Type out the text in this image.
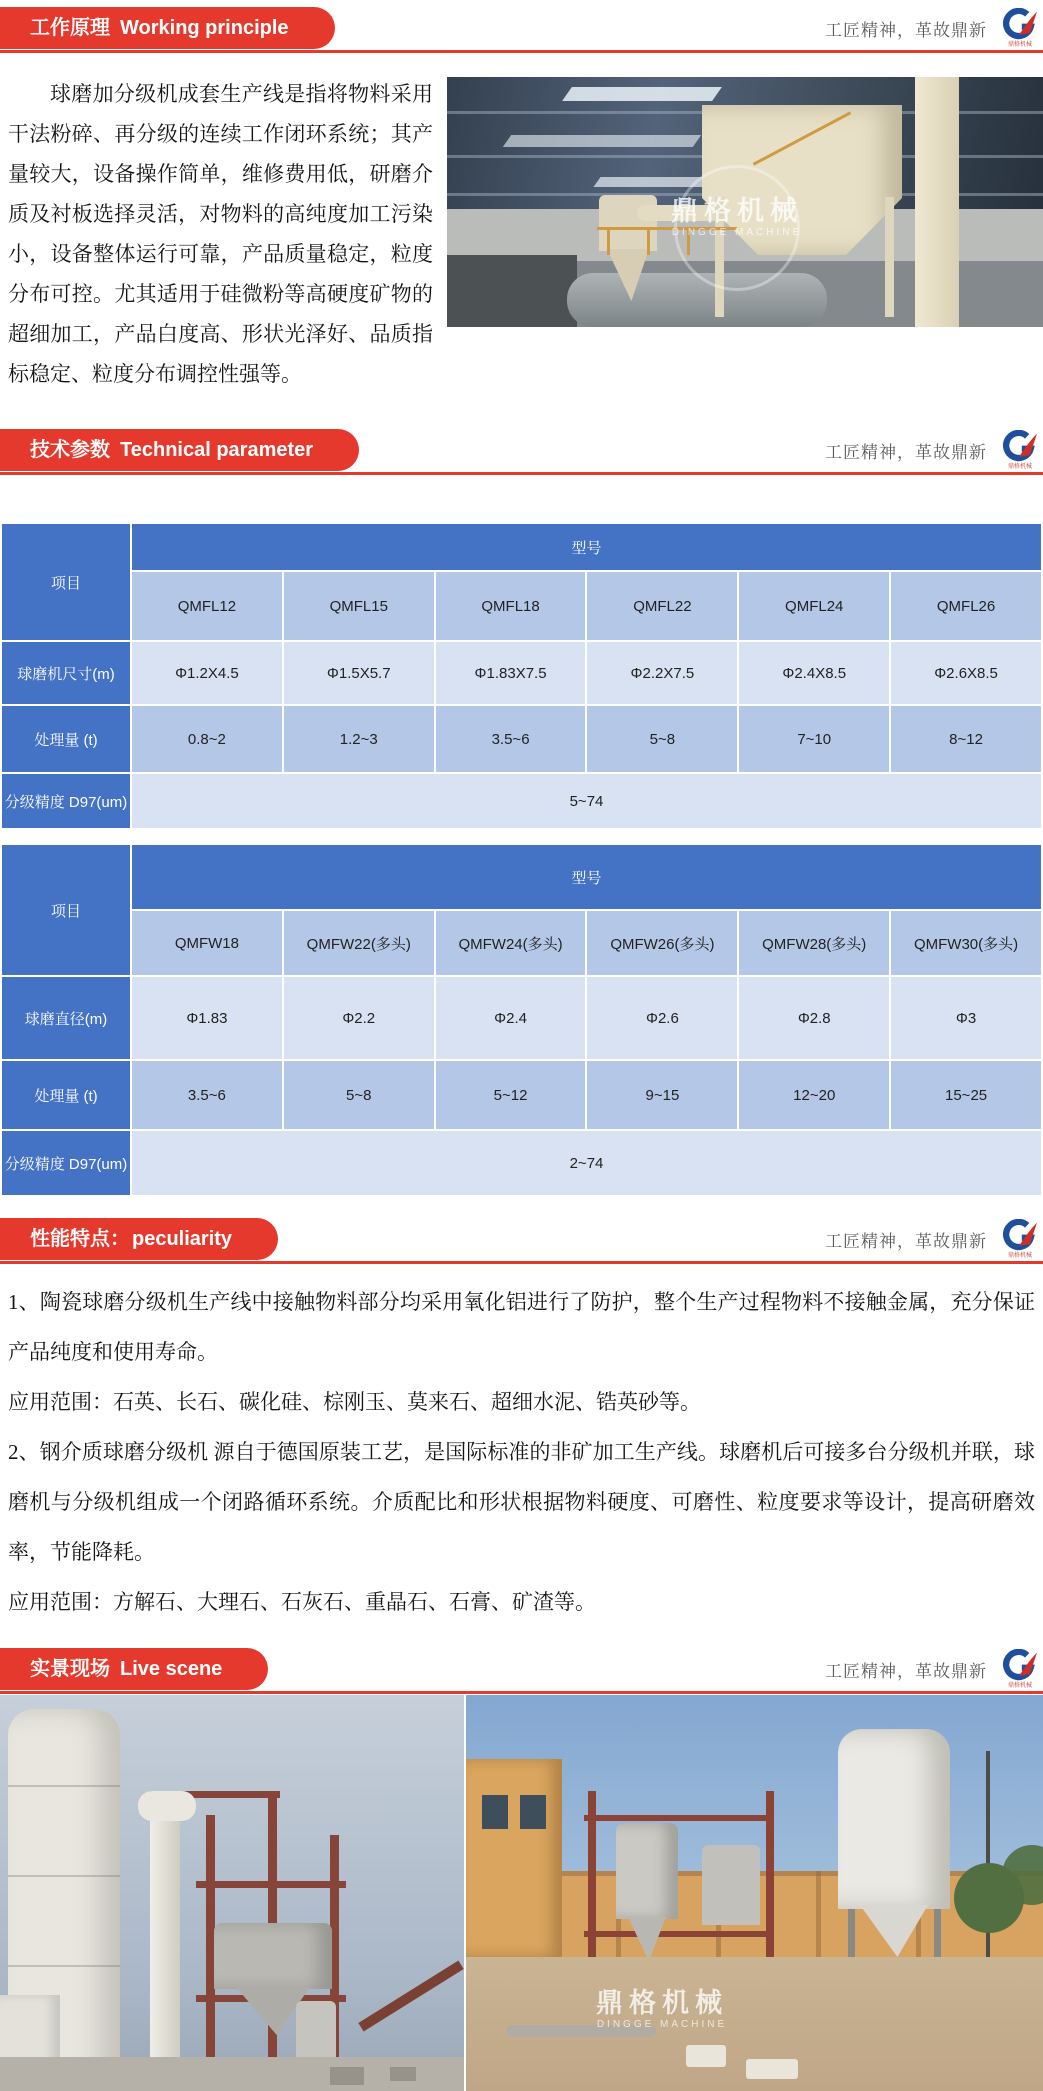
工作原理 Working principle	工匠精神，革故鼎新
鼎格机械
球磨加分级机成套生产线是指将物料采用干法粉碎、再分级的连续工作闭环系统；其产量较大，设备操作简单，维修费用低，研磨介质及衬板选择灵活，对物料的高纯度加工污染小，设备整体运行可靠，产品质量稳定，粒度分布可控。尤其适用于硅微粉等高硬度矿物的超细加工，产品白度高、形状光泽好、品质指标稳定、粒度分布调控性强等。
鼎格机械
DINGGE MACHINE
技术参数 Technical parameter	工匠精神，革故鼎新
鼎格机械
项目	型号					
	QMFL12	QMFL15	QMFL18	QMFL22	QMFL24	QMFL26
球磨机尺寸(m)	Φ1.2X4.5	Φ1.5X5.7	Φ1.83X7.5	Φ2.2X7.5	Φ2.4X8.5	Φ2.6X8.5
处理量 (t)	0.8~2	1.2~3	3.5~6	5~8	7~10	8~12
分级精度 D97(um)	5~74					
项目	型号					
	QMFW18	QMFW22(多头)	QMFW24(多头)	QMFW26(多头)	QMFW28(多头)	QMFW30(多头)
球磨直径(m)	Φ1.83	Φ2.2	Φ2.4	Φ2.6	Φ2.8	Φ3
处理量 (t)	3.5~6	5~8	5~12	9~15	12~20	15~25
分级精度 D97(um)	2~74					
性能特点： peculiarity	工匠精神，革故鼎新
鼎格机械

1、陶瓷球磨分级机生产线中接触物料部分均采用氧化铝进行了防护，整个生产过程物料不接触金属，充分保证产品纯度和使用寿命。

应用范围：石英、长石、碳化硅、棕刚玉、莫来石、超细水泥、锆英砂等。

2、钢介质球磨分级机 源自于德国原装工艺，是国际标准的非矿加工生产线。球磨机后可接多台分级机并联，球磨机与分级机组成一个闭路循环系统。介质配比和形状根据物料硬度、可磨性、粒度要求等设计，提高研磨效率，节能降耗。

应用范围：方解石、大理石、石灰石、重晶石、石膏、矿渣等。

实景现场 Live scene	工匠精神，革故鼎新
鼎格机械
鼎格机械
DINGGE MACHINE
